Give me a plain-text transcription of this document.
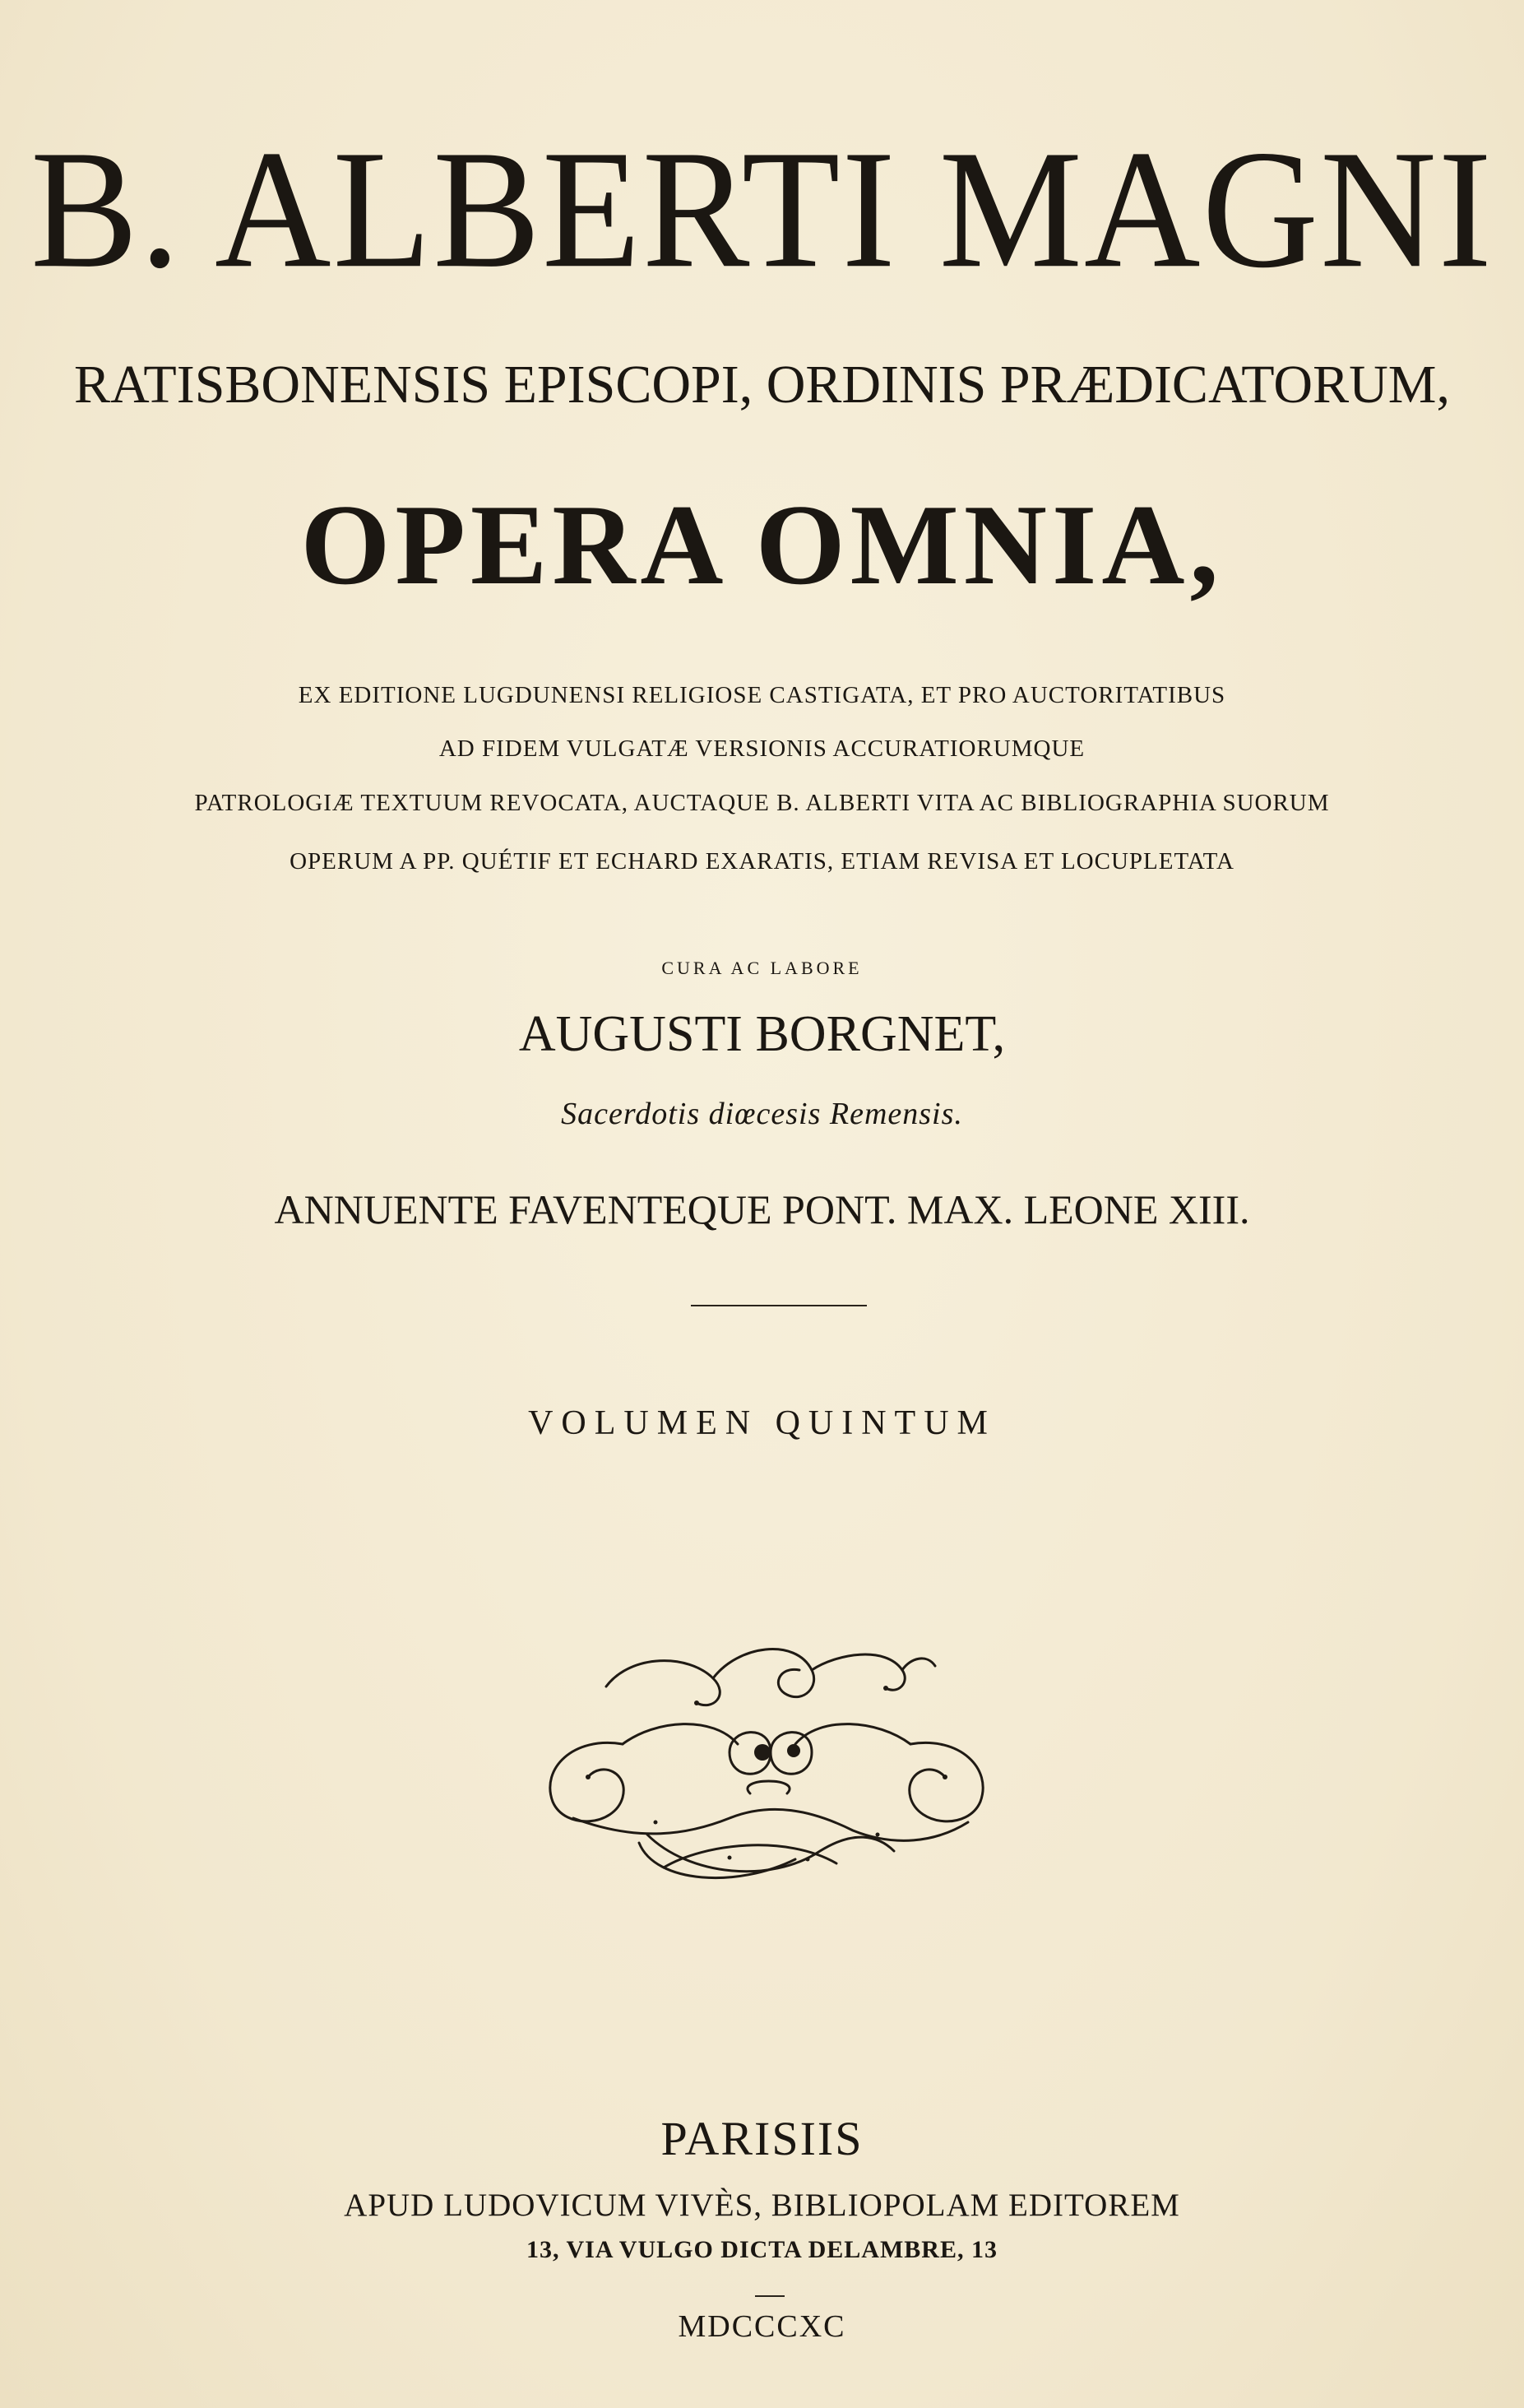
B. ALBERTI MAGNI
RATISBONENSIS EPISCOPI, ORDINIS PRÆDICATORUM,
OPERA OMNIA,
EX EDITIONE LUGDUNENSI RELIGIOSE CASTIGATA, ET PRO AUCTORITATIBUS
AD FIDEM VULGATÆ VERSIONIS ACCURATIORUMQUE
PATROLOGIÆ TEXTUUM REVOCATA, AUCTAQUE B. ALBERTI VITA AC BIBLIOGRAPHIA SUORUM
OPERUM A PP. QUÉTIF ET ECHARD EXARATIS, ETIAM REVISA ET LOCUPLETATA
CURA AC LABORE
AUGUSTI BORGNET,
Sacerdotis diœcesis Remensis.
ANNUENTE FAVENTEQUE PONT. MAX. LEONE XIII.
VOLUMEN QUINTUM
PARISIIS
APUD LUDOVICUM VIVÈS, BIBLIOPOLAM EDITOREM
13, VIA VULGO DICTA DELAMBRE, 13
MDCCCXC
